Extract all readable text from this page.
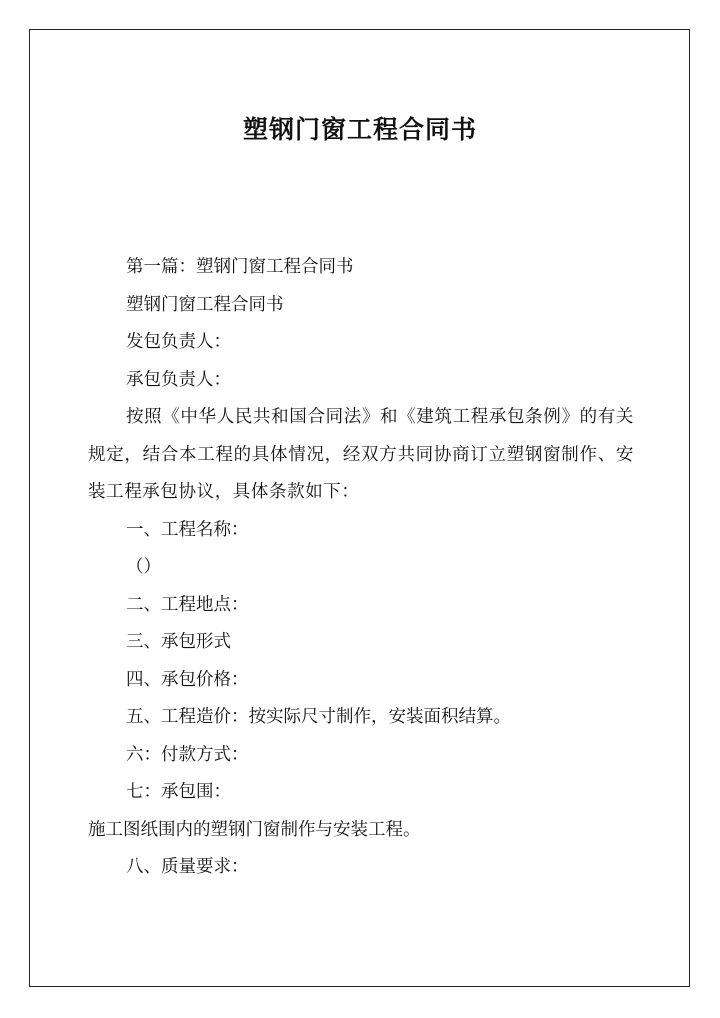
塑钢门窗工程合同书

第一篇：塑钢门窗工程合同书

塑钢门窗工程合同书

发包负责人：

承包负责人：

按照《中华人民共和国合同法》和《建筑工程承包条例》的有关规定，结合本工程的具体情况，经双方共同协商订立塑钢窗制作、安装工程承包协议，具体条款如下：

一、工程名称：

（）

二、工程地点：

三、承包形式

四、承包价格：

五、工程造价：按实际尺寸制作，安装面积结算。

六：付款方式：

七：承包围：

施工图纸围内的塑钢门窗制作与安装工程。

八、质量要求：
